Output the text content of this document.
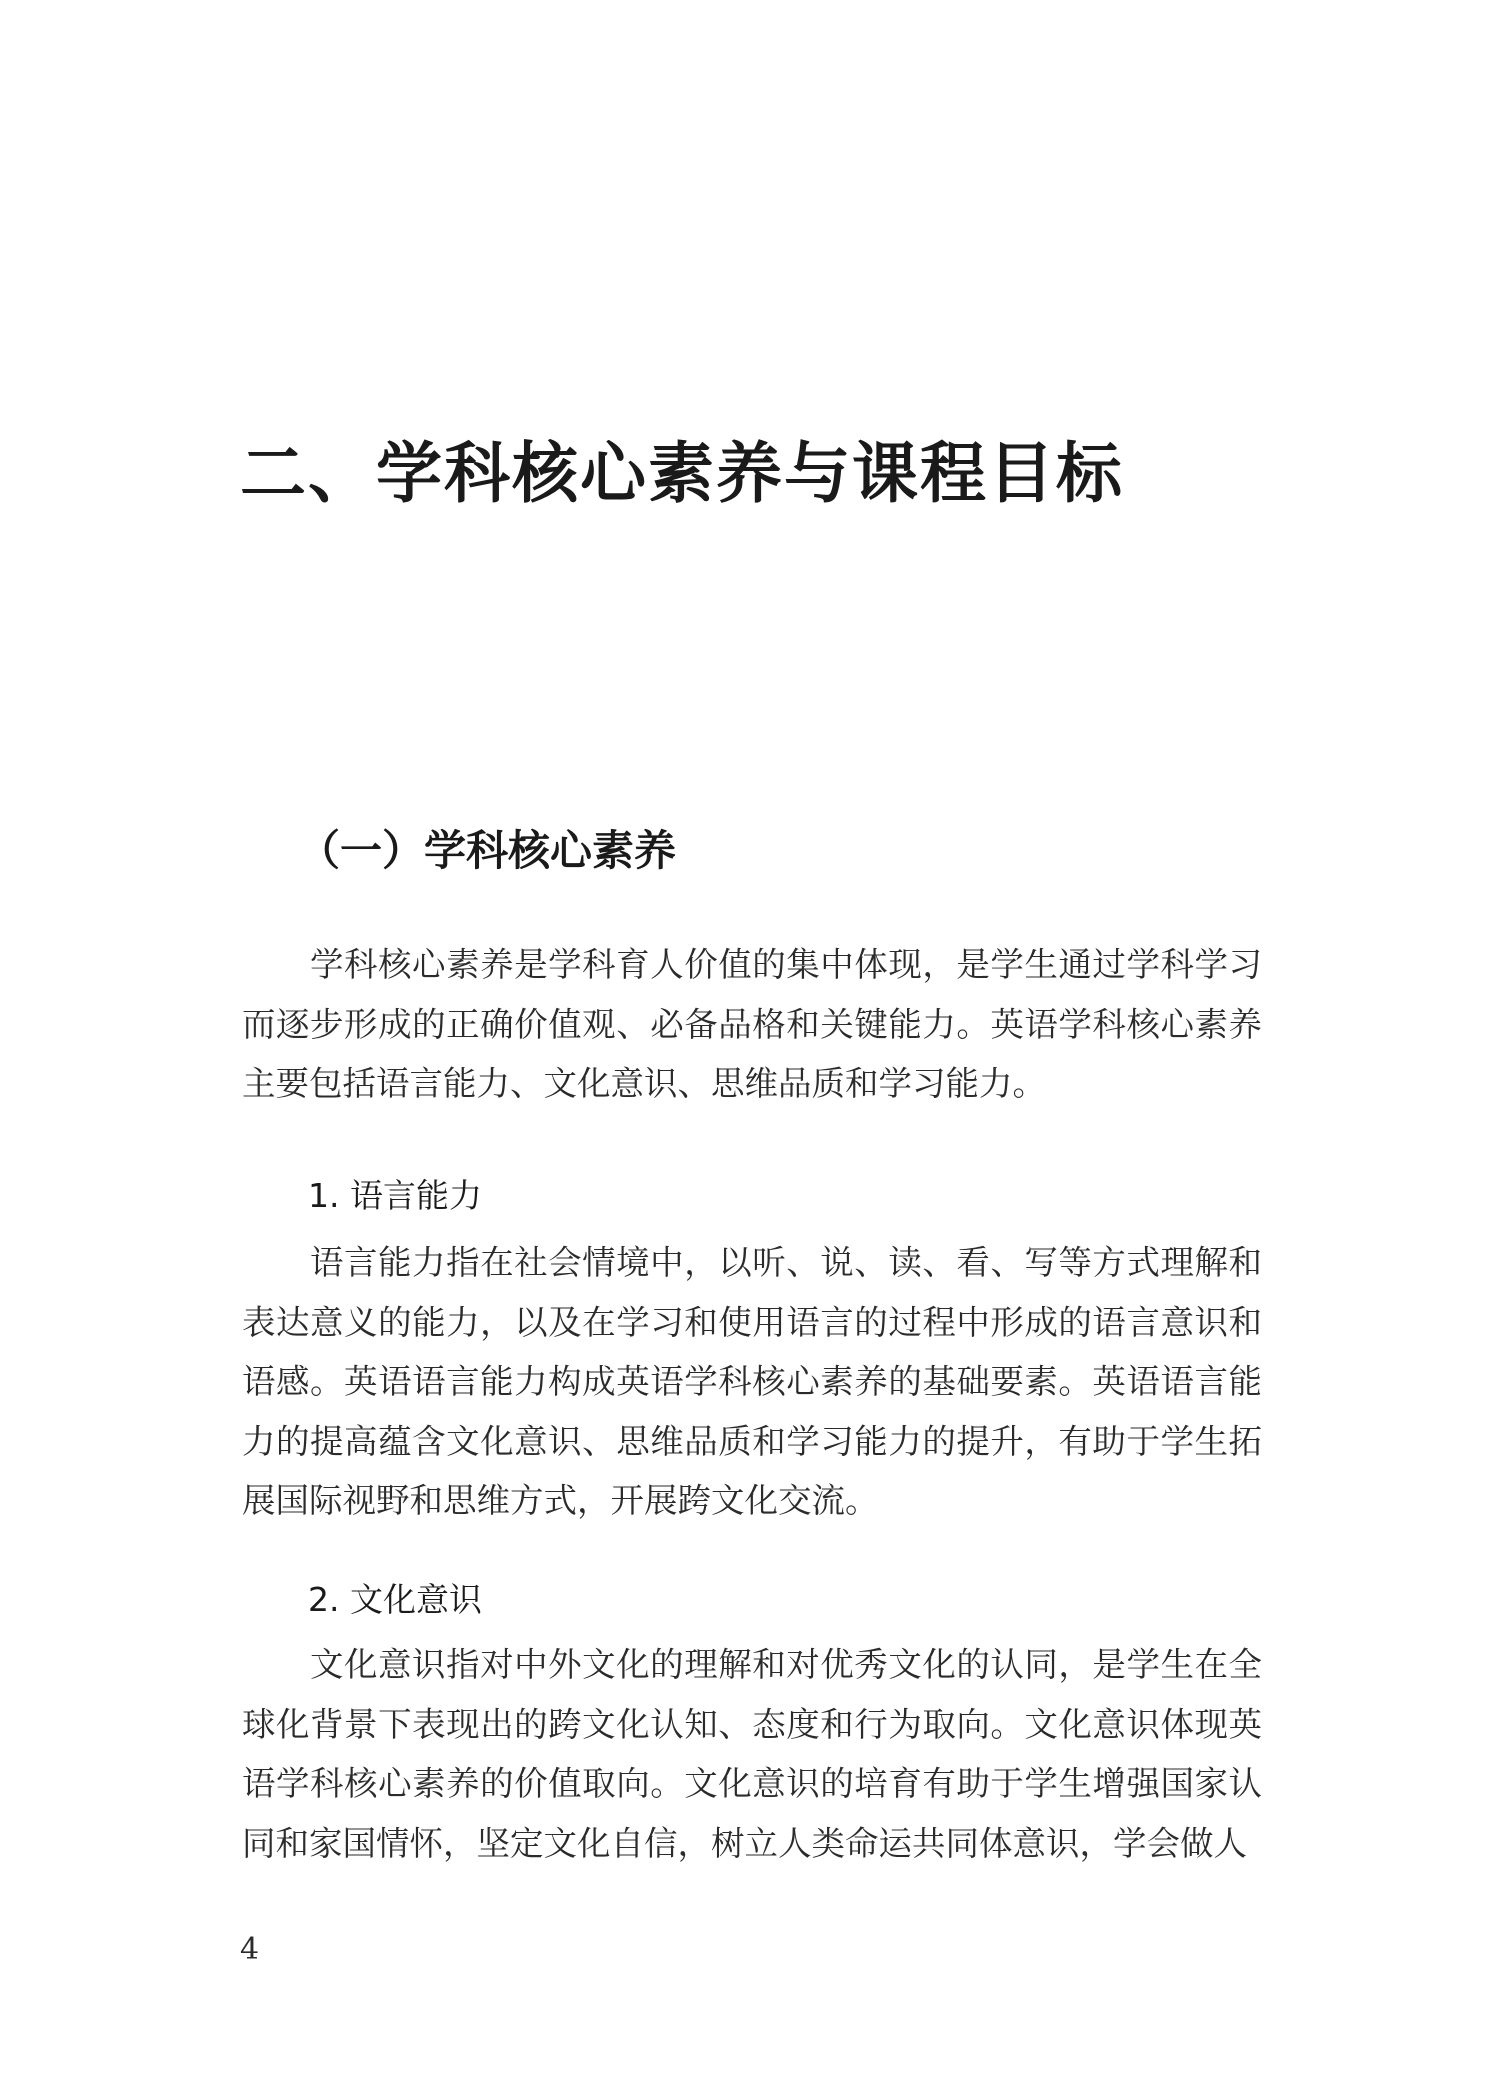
二、学科核心素养与课程目标
（一）学科核心素养

学科核心素养是学科育人价值的集中体现，是学生通过学科学习而逐步形成的正确价值观、必备品格和关键能力。英语学科核心素养主要包括语言能力、文化意识、思维品质和学习能力。

1. 语言能力

语言能力指在社会情境中，以听、说、读、看、写等方式理解和表达意义的能力，以及在学习和使用语言的过程中形成的语言意识和语感。英语语言能力构成英语学科核心素养的基础要素。英语语言能力的提高蕴含文化意识、思维品质和学习能力的提升，有助于学生拓展国际视野和思维方式，开展跨文化交流。

2. 文化意识

文化意识指对中外文化的理解和对优秀文化的认同，是学生在全球化背景下表现出的跨文化认知、态度和行为取向。文化意识体现英语学科核心素养的价值取向。文化意识的培育有助于学生增强国家认同和家国情怀，坚定文化自信，树立人类命运共同体意识，学会做人

4
